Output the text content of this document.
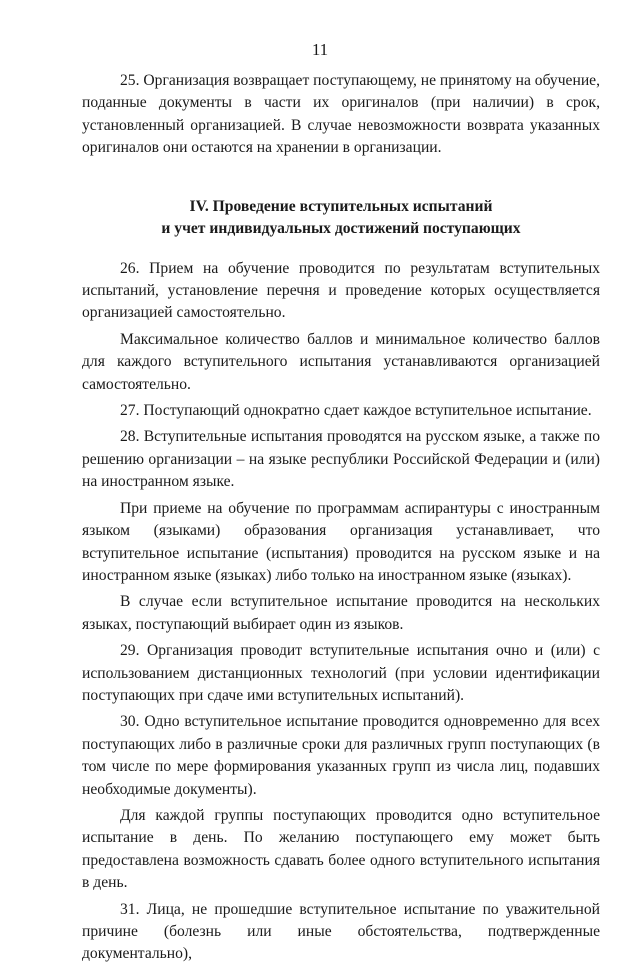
11

25. Организация возвращает поступающему, не принятому на обучение, поданные документы в части их оригиналов (при наличии) в срок, установленный организацией. В случае невозможности возврата указанных оригиналов они остаются на хранении в организации.

IV. Проведение вступительных испытаний
и учет индивидуальных достижений поступающих

26. Прием на обучение проводится по результатам вступительных испытаний, установление перечня и проведение которых осуществляется организацией самостоятельно.

Максимальное количество баллов и минимальное количество баллов для каждого вступительного испытания устанавливаются организацией самостоятельно.

27. Поступающий однократно сдает каждое вступительное испытание.

28. Вступительные испытания проводятся на русском языке, а также по решению организации – на языке республики Российской Федерации и (или) на иностранном языке.

При приеме на обучение по программам аспирантуры с иностранным языком (языками) образования организация устанавливает, что вступительное испытание (испытания) проводится на русском языке и на иностранном языке (языках) либо только на иностранном языке (языках).

В случае если вступительное испытание проводится на нескольких языках, поступающий выбирает один из языков.

29. Организация проводит вступительные испытания очно и (или) с использованием дистанционных технологий (при условии идентификации поступающих при сдаче ими вступительных испытаний).

30. Одно вступительное испытание проводится одновременно для всех поступающих либо в различные сроки для различных групп поступающих (в том числе по мере формирования указанных групп из числа лиц, подавших необходимые документы).

Для каждой группы поступающих проводится одно вступительное испытание в день. По желанию поступающего ему может быть предоставлена возможность сдавать более одного вступительного испытания в день.

31. Лица, не прошедшие вступительное испытание по уважительной причине (болезнь или иные обстоятельства, подтвержденные документально),
